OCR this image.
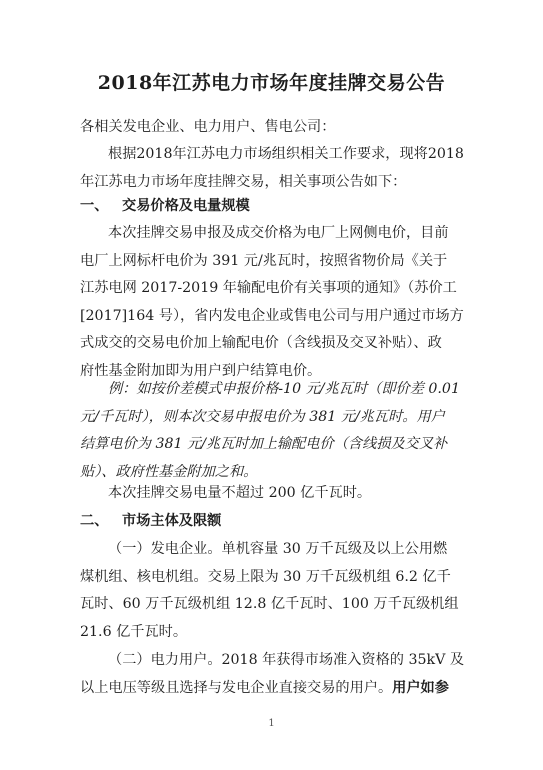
2018年江苏电力市场年度挂牌交易公告
各相关发电企业、电力用户、售电公司：
根据2018年江苏电力市场组织相关工作要求，现将2018
年江苏电力市场年度挂牌交易，相关事项公告如下：
一、 交易价格及电量规模
本次挂牌交易申报及成交价格为电厂上网侧电价，目前
电厂上网标杆电价为 391 元/兆瓦时，按照省物价局《关于
江苏电网 2017-2019 年输配电价有关事项的通知》（苏价工
[2017]164 号），省内发电企业或售电公司与用户通过市场方
式成交的交易电价加上输配电价（含线损及交叉补贴）、政
府性基金附加即为用户到户结算电价。
例：如按价差模式申报价格-10 元/兆瓦时（即价差 0.01
元/千瓦时），则本次交易申报电价为 381 元/兆瓦时。用户
结算电价为 381 元/兆瓦时加上输配电价（含线损及交叉补
贴）、政府性基金附加之和。
本次挂牌交易电量不超过 200 亿千瓦时。
二、 市场主体及限额
（一）发电企业。单机容量 30 万千瓦级及以上公用燃
煤机组、核电机组。交易上限为 30 万千瓦级机组 6.2 亿千
瓦时、60 万千瓦级机组 12.8 亿千瓦时、100 万千瓦级机组
21.6 亿千瓦时。
（二）电力用户。2018 年获得市场准入资格的 35kV 及
以上电压等级且选择与发电企业直接交易的用户。用户如参
1
